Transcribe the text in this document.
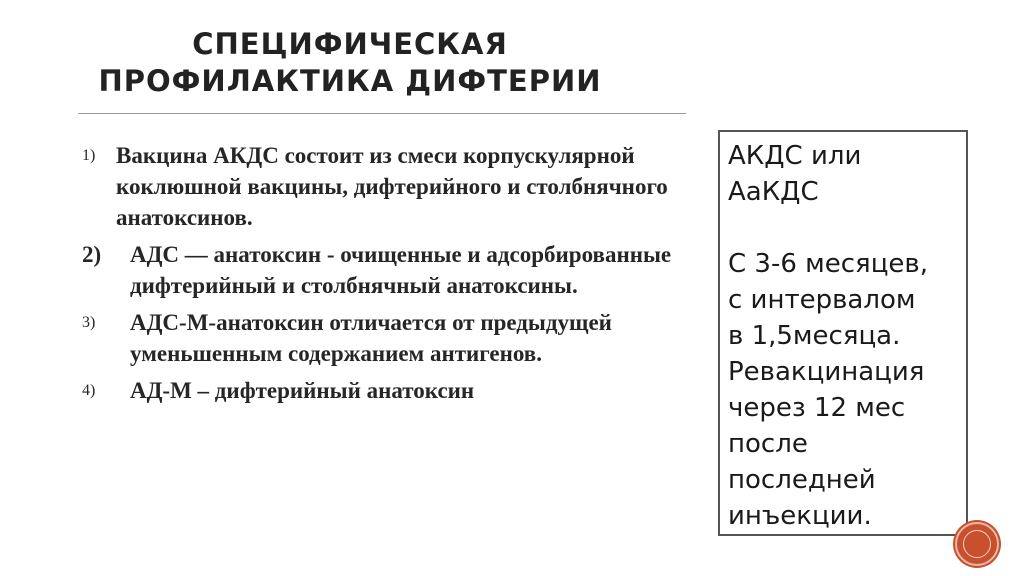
СПЕЦИФИЧЕСКАЯ
ПРОФИЛАКТИКА ДИФТЕРИИ
1) Вакцина АКДС состоит из смеси корпускулярной коклюшной вакцины, дифтерийного и столбнячного анатоксинов.
2) АДС — анатоксин - очищенные и адсорбированные дифтерийный и столбнячный анатоксины.
3) АДС-М-анатоксин отличается от предыдущей уменьшенным содержанием антигенов.
4) АД-М – дифтерийный анатоксин

АКДС или

АаКДС

С 3-6 месяцев,

с интервалом

в 1,5месяца.

Ревакцинация

через 12 мес

после

последней

инъекции.
